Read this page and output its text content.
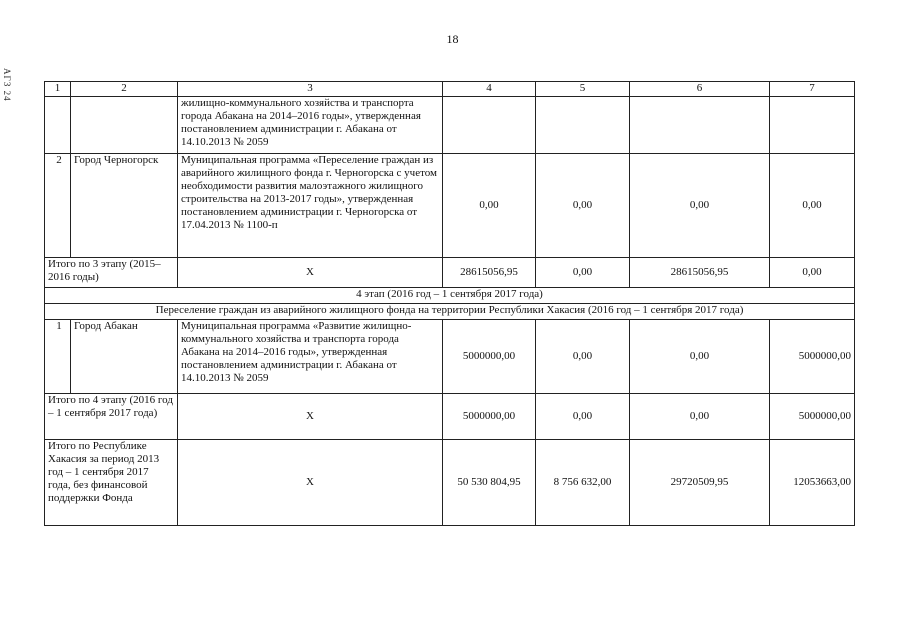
18
АГЗ 24	1	2	3	4	5	6	7
		жилищно-коммунального хозяйства и транспорта города Абакана на 2014–2016 годы», утвержденная постановлением администрации г. Абакана от 14.10.2013 № 2059				
2	Город Черногорск	Муниципальная программа «Переселение граждан из аварийного жилищного фонда г. Черногорска с учетом необходимости развития малоэтажного жилищного строительства на 2013-2017 годы», утвержденная постановлением администрации г. Черногорска от 17.04.2013 № 1100-п	0,00	0,00	0,00	0,00
Итого по 3 этапу (2015–2016 годы)		X	28615056,95	0,00	28615056,95	0,00
4 этап (2016 год – 1 сентября 2017 года)						
Переселение граждан из аварийного жилищного фонда на территории Республики Хакасия (2016 год – 1 сентября 2017 года)						
1	Город Абакан	Муниципальная программа «Развитие жилищно-коммунального хозяйства и транспорта города Абакана на 2014–2016 годы», утвержденная постановлением администрации г. Абакана от 14.10.2013 № 2059	5000000,00	0,00	0,00	5000000,00
Итого по 4 этапу (2016 год – 1 сентября 2017 года)		X	5000000,00	0,00	0,00	5000000,00
Итого по Республике Хакасия за период 2013 год – 1 сентября 2017 года, без финансовой поддержки Фонда		X	50 530 804,95	8 756 632,00	29720509,95	12053663,00
